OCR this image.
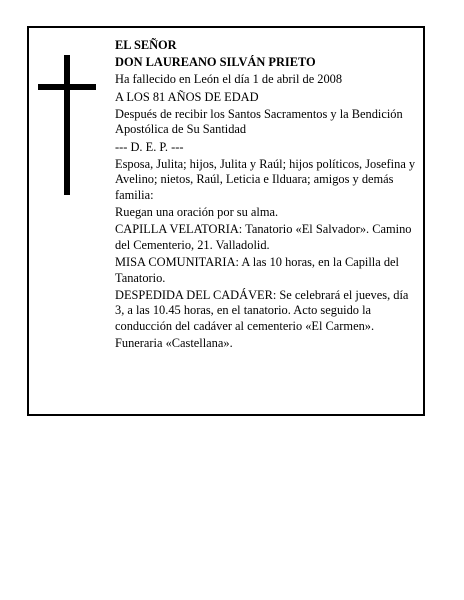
EL SEÑOR

DON LAUREANO SILVÁN PRIETO

Ha fallecido en León el día 1 de abril de 2008

A LOS 81 AÑOS DE EDAD

Después de recibir los Santos Sacramentos y la Bendición Apostólica de Su Santidad

--- D. E. P. ---

Esposa, Julita; hijos, Julita y Raúl; hijos políticos, Josefina y Avelino; nietos, Raúl, Leticia e Ilduara; amigos y demás familia:

Ruegan una oración por su alma.

CAPILLA VELATORIA: Tanatorio «El Salvador». Camino del Cementerio, 21. Valladolid.

MISA COMUNITARIA: A las 10 horas, en la Capilla del Tanatorio.

DESPEDIDA DEL CADÁVER: Se celebrará el jueves, día 3, a las 10.45 horas, en el tanatorio. Acto seguido la conducción del cadáver al cementerio «El Carmen».

Funeraria «Castellana».
